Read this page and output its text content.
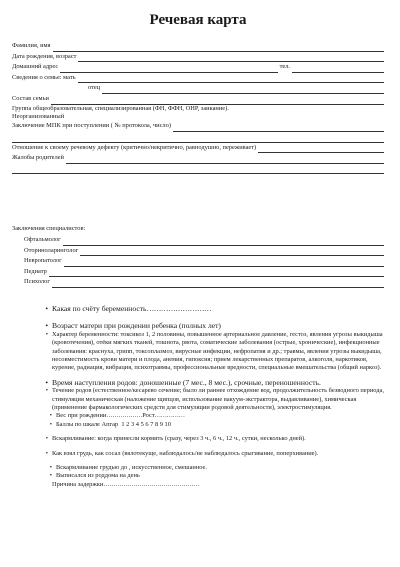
Речевая карта
Фамилия, имя
Дата рождения, возраст
Домашний адрес	тел.
Сведения о семье: мать
отец
Состав семьи
Группа общеобразовательная, специализированная (ФН, ФФН, ОНР, заикание).
Неорганизованный
Заключение МПК при поступлении ( № протокола, число)
Отношение к своему речевому дефекту (критично/некритично, равнодушно, переживает)
Жалобы родителей
Заключения специалистов:
Офтальмолог
Оториноларинголог
Невропатолог
Педиатр
Психолог
• Какая по счёту беременность………………………
• Возраст матери при рождении ребенка (полных лет)
• Характер беременности: токсикоз 1, 2 половины, повышенное артериальное давление, гестоз, явления угрозы выкидыша (кровотечения), отёки мягких тканей, тошнота, рвота, соматические заболевания (острые, хронические), инфекционные заболевания: краснуха, грипп, токсоплазмоз, вирусные инфекции, нефропатия и др.; травмы, явления угрозы выкидыша, несовместимость крови матери и плода, анемия, гипоксия; прием лекарственных препаратов, алкоголя, наркотиков, курение, радиация, вибрация, психотравмы, профессиональные вредности, специальные вмешательства (общий наркоз).
• Время наступления родов: доношенные (7 мес., 8 мес.), срочные, переношенность.
• Течение родов (естественное/кесарево сечение; было ли раннее отхождение вод, продолжительность безводного периода, стимуляция механическая (наложение щипцов, использование вакуум-экстрактора, выдавливание), химическая (применение фармакологических средств для стимуляции родовой деятельности), электростимуляция.
• Вес при рождении………………Рост……………
• Баллы по шкале Апгар 1 2 3 4 5 6 7 8 9 10
• Вскармливание: когда принесли кормить (сразу, через 3 ч., 6 ч., 12 ч., сутки, несколько дней).
• Как взял грудь, как сосал (вялотекуще, наблюдалось/не наблюдалось срыгивание, поперхивание).
• Вскармливание грудью до , искусственное, смешанное.
• Выписался из роддома на день
Причина задержки…………………………………………
